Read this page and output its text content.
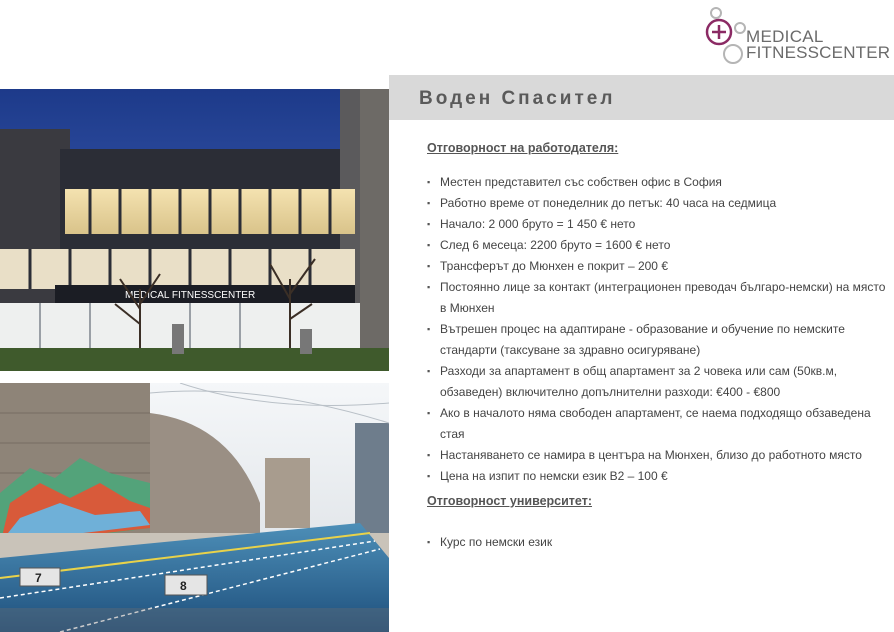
MEDICAL
FITNESSCENTER
MEDICAL FITNESSCENTER
7
8
Воден Спасител
Отговорност на работодателя:
▪ Местен представител със собствен офис в София
▪ Работно време от понеделник до петък: 40 часа на седмица
▪ Начало: 2 000 бруто = 1 450 € нето
▪ След 6 месеца: 2200 бруто = 1600 € нето
▪ Трансферът до Мюнхен е покрит – 200 €
▪ Постоянно лице за контакт (интеграционен преводач българо-немски) на място в Мюнхен
▪ Вътрешен процес на адаптиране - образование и обучение по немските стандарти (таксуване за здравно осигуряване)
▪ Разходи за апартамент в общ апартамент за 2 човека или сам (50кв.м, обзаведен) включително допълнителни разходи: €400 - €800
▪ Ако в началото няма свободен апартамент, се наема подходящо обзаведена стая
▪ Настаняването се намира в центъра на Мюнхен, близо до работното място
▪ Цена на изпит по немски език В2 – 100 €
Отговорност университет:
▪ Курс по немски език
